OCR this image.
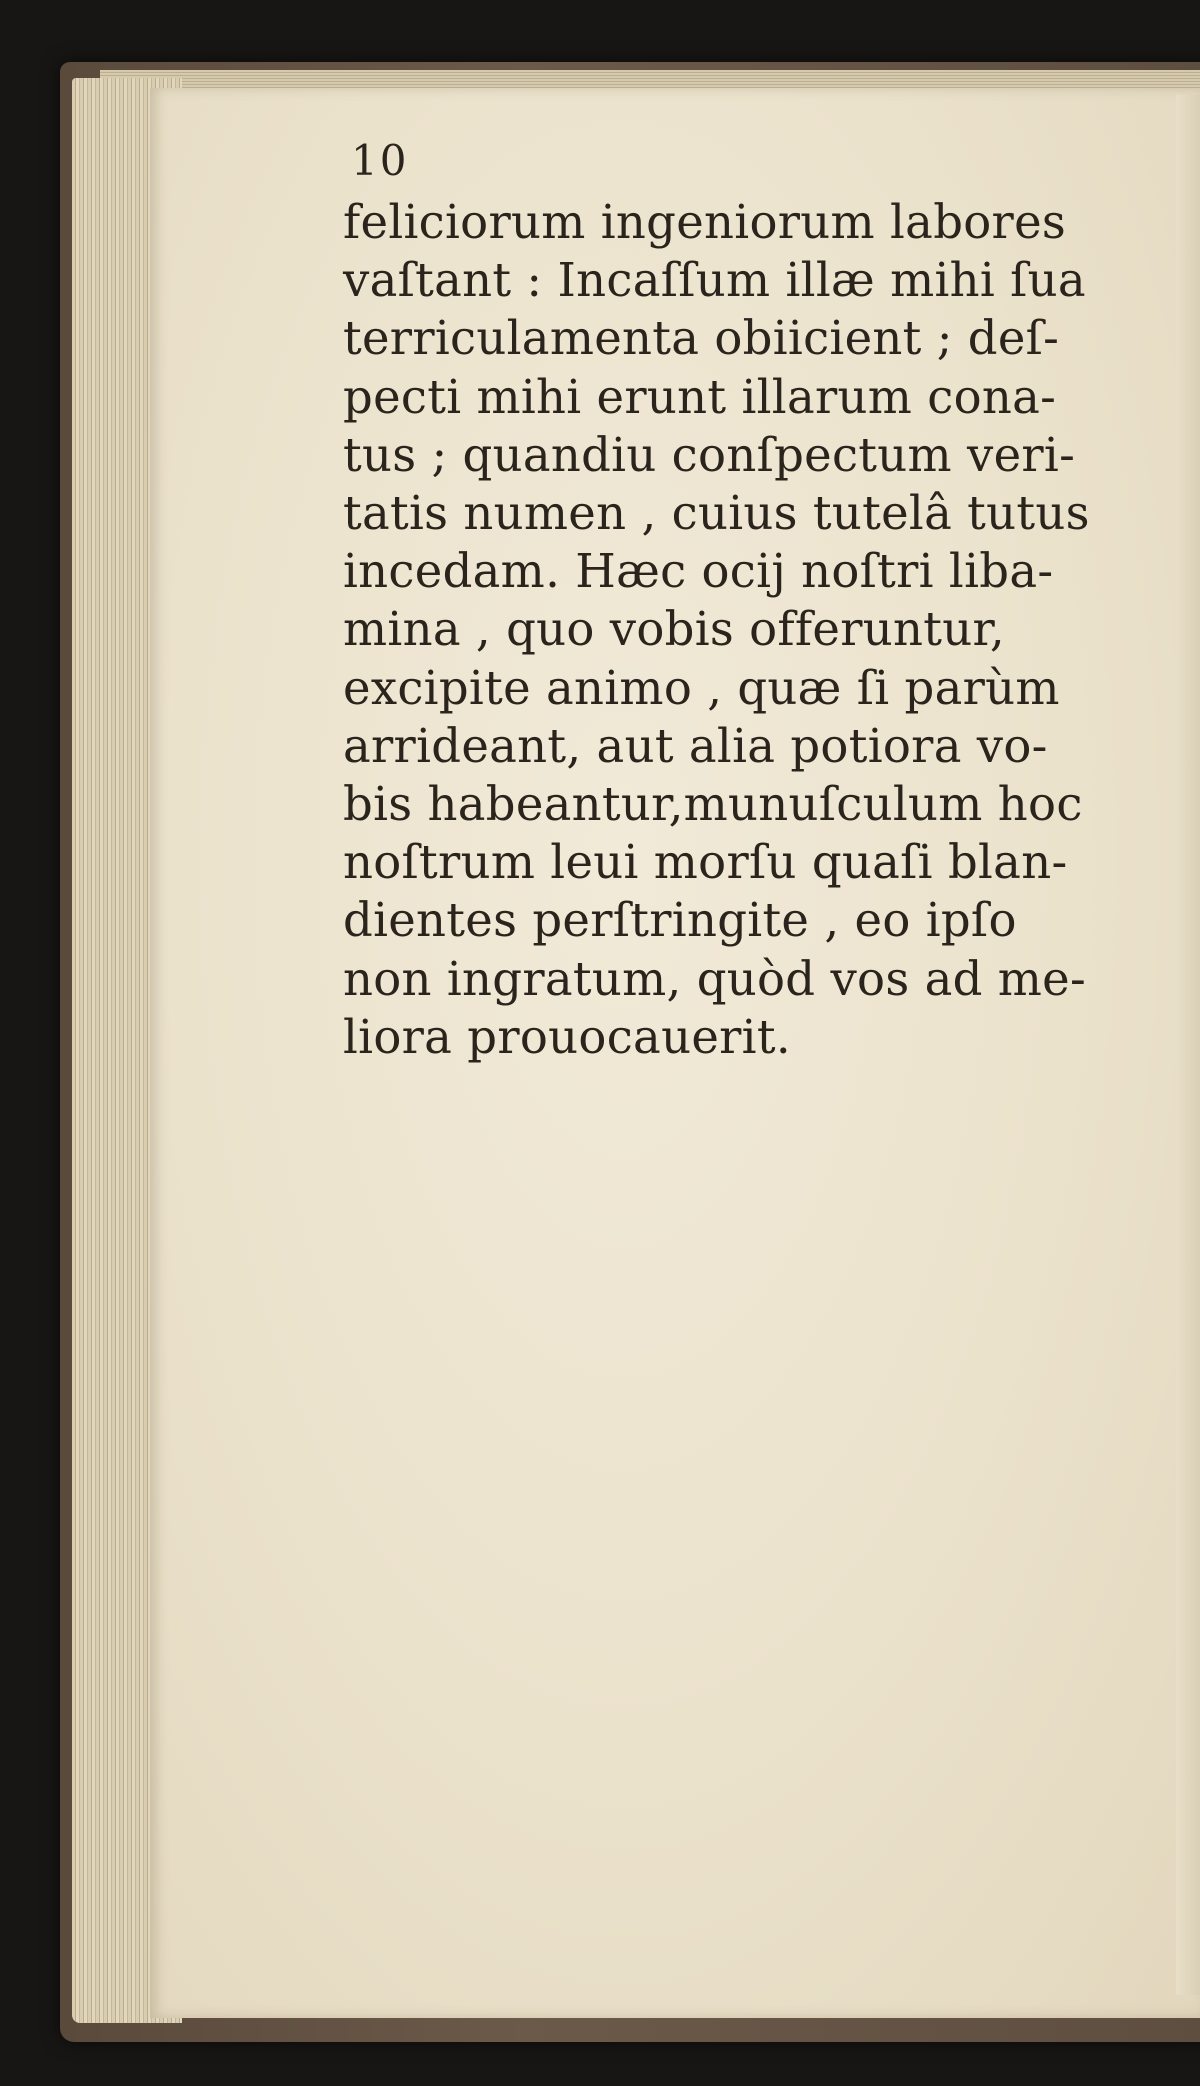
10
feliciorum ingeniorum labores
vaſtant : Incaſſum illæ mihi ſua
terriculamenta obiicient ; deſ-
pecti mihi erunt illarum cona-
tus ; quandiu conſpectum veri-
tatis numen , cuius tutelâ tutus
incedam. Hæc ocij noſtri liba-
mina , quo vobis offeruntur,
excipite animo , quæ ſi parùm
arrideant, aut alia potiora vo-
bis habeantur,munuſculum hoc
noſtrum leui morſu quaſi blan-
dientes perſtringite , eo ipſo
non ingratum, quòd vos ad me-
liora prouocauerit.
